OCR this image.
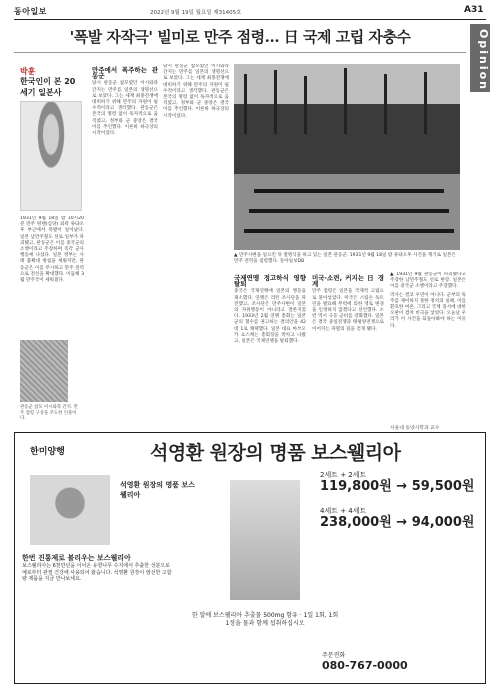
동아일보	2022년 9월 19일 월요일 제31405호	A31
Opinion
'폭발 자작극' 빌미로 만주 점령… 日 국제 고립 자충수
박훈
한국인이 본 20세기 일본사

1931년 9월 18일 밤 10시20분 만주 펑톈(심양) 외곽 류탸오후 부근에서 폭발이 일어났다. 일본 남만주철도 선로 일부가 파괴됐고, 관동군은 이를 중국군의 소행이라고 주장하며 즉각 군사행동에 나섰다. 일본 정부는 사태 불확대 방침을 세웠지만, 관동군은 이를 무시하고 만주 전역으로 전선을 확대했다. 이듬해 3월 만주국이 세워졌다.

만주에서 폭주하는 관동군

당시 관동군 참모였던 이시와라 간지는 만주를 일본의 생명선으로 보았다. 그는 세계 최종전쟁에 대비하기 위해 만주의 자원이 필수적이라고 생각했다. 관동군은 본국의 명령 없이 독자적으로 움직였고, 정부와 군 중앙은 결국 이를 추인했다. 이른바 하극상의 시작이었다.

당시 관동군 참모였던 이시와라 간지는 만주를 일본의 생명선으로 보았다. 그는 세계 최종전쟁에 대비하기 위해 만주의 자원이 필수적이라고 생각했다. 관동군은 본국의 명령 없이 독자적으로 움직였고, 정부와 군 중앙은 결국 이를 추인했다. 이른바 하극상의 시작이었다.

▲ 만주사변을 일으킨 뒤 열병식을 하고 있는 일본 관동군. 1931년 9월 18일 밤 류탸오후 사건을 계기로 일본은 만주 전역을 점령했다. 동아일보DB
국제연맹 정고하식 영향 탈퇴

중국은 국제연맹에 일본의 행동을 제소했다. 연맹은 리턴 조사단을 파견했고, 조사단은 만주사변이 일본의 자위행동이 아니라고 결론지었다. 1933년 2월 연맹 총회는 일본군의 철수를 권고하는 결의안을 42대 1로 채택했다. 일본 대표 마쓰오카 요스케는 총회장을 박차고 나왔고, 일본은 국제연맹을 탈퇴했다.

미국·소련, 커지는 日 경계

만주 점령은 일본을 국제적 고립으로 몰아넣었다. 미국은 스팀슨 독트린을 발표해 무력에 의한 영토 변경을 인정하지 않겠다고 선언했다. 소련 역시 극동 군비를 강화했다. 일본은 결국 중일전쟁과 태평양전쟁으로 이어지는 파멸의 길을 걷게 됐다.

▲ 1931년 9월 관동군이 파괴됐다고 주장한 남만주철도 선로 현장. 일본은 이를 중국군 소행이라고 주장했다.

역사는 결코 우연이 아니다. 군부의 독주를 제어하지 못한 정치의 실패, 이를 환호한 여론, 그리고 국제 질서에 대한 오판이 겹쳐 비극을 낳았다. 오늘날 우리가 이 사건을 되돌아봐야 하는 이유다.

서울대 동양사학과 교수
관동군 참모 이시와라 간지. 만주 점령 구상을 주도한 인물이다.
한미양행	석영환 원장의 명품 보스웰리아
석영환 원장의 명품 보스웰리아
2세트 + 2세트
119,800원 → 59,500원
4세트 + 4세트
238,000원 → 94,000원
한번 진통제로 불리우는 보스웰리아
보스웰리아는 6천만년을 이어온 유향나무 수지에서 추출한 성분으로 예로부터 관절 건강에 사용되어 왔습니다. 석영환 원장이 엄선한 고함량 제품을 지금 만나보세요.
한 알에 보스웰리아 추출물 500mg 함유 · 1일 1회, 1회 1정을 물과 함께 섭취하십시오
주문전화
080-767-0000
